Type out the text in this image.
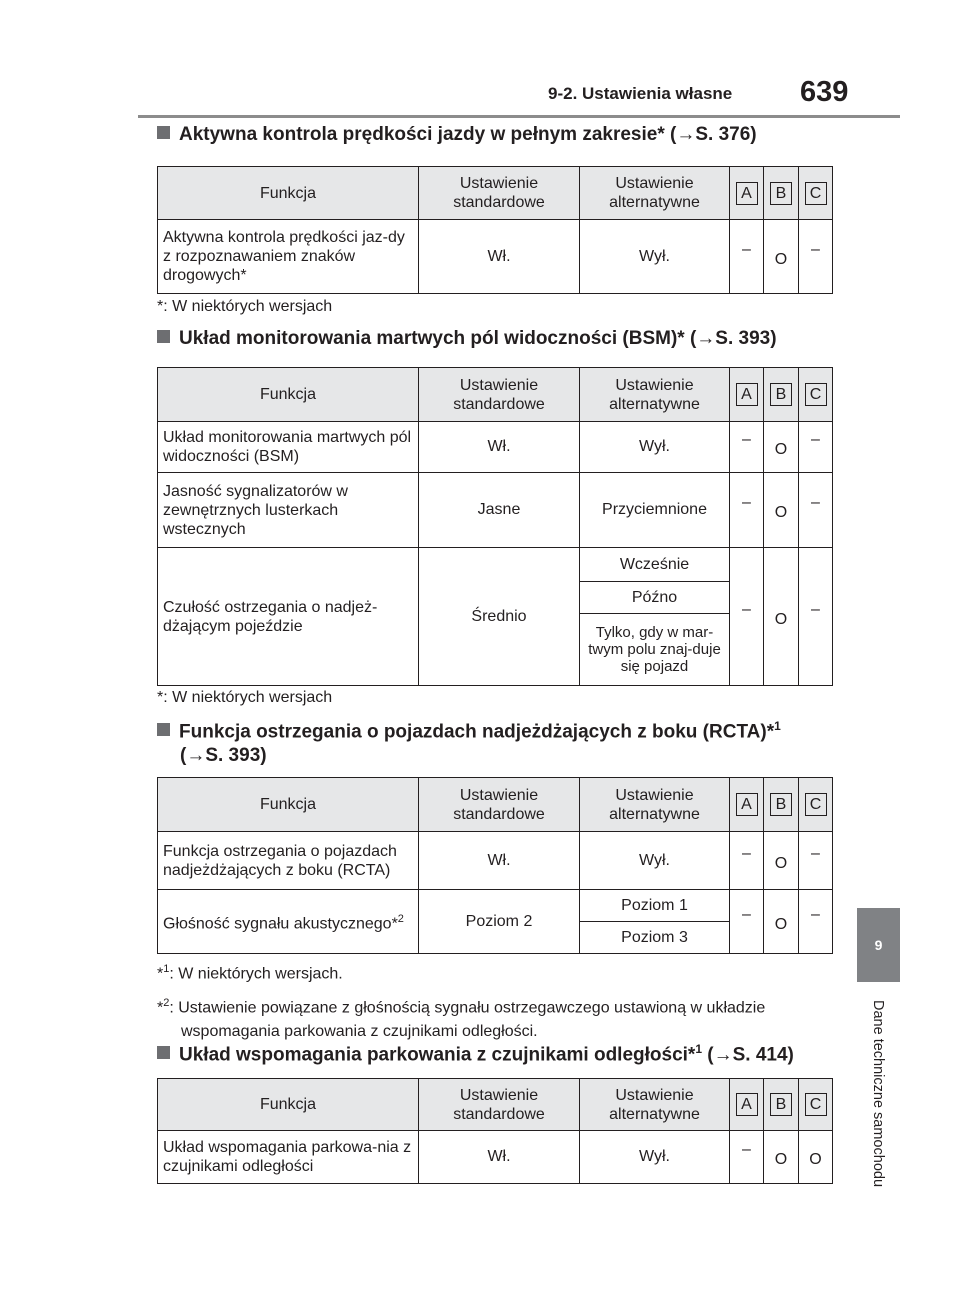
9-2. Ustawienia własne 639
9
Dane techniczne samochodu
Aktywna kontrola prędkości jazdy w pełnym zakresie* (→S. 376)
Funkcja	Ustawienie standardowe	Ustawienie alternatywne	A	B	C
Aktywna kontrola prędkości jaz-dy z rozpoznawaniem znaków drogowych*	Wł.	Wył.	–	O	–
*: W niektórych wersjach
Układ monitorowania martwych pól widoczności (BSM)* (→S. 393)
Funkcja	Ustawienie standardowe	Ustawienie alternatywne	A	B	C
Układ monitorowania martwych pól widoczności (BSM)	Wł.	Wył.	–	O	–
Jasność sygnalizatorów w zewnętrznych lusterkach wstecznych	Jasne	Przyciemnione	–	O	–
Czułość ostrzegania o nadjeż-dżającym pojeździe	Średnio	Wcześnie	–	O	–
		Późno			
		Tylko, gdy w mar-twym polu znaj-duje się pojazd			
*: W niektórych wersjach
Funkcja ostrzegania o pojazdach nadjeżdżających z boku (RCTA)*$^1$
(→S. 393)
Funkcja	Ustawienie standardowe	Ustawienie alternatywne	A	B	C
Funkcja ostrzegania o pojazdach nadjeżdżających z boku (RCTA)	Wł.	Wył.	–	O	–
Głośność sygnału akustycznego*$^2$	Poziom 2	Poziom 1	–	O	–
		Poziom 3			
*$^1$: W niektórych wersjach.
*$^2$: Ustawienie powiązane z głośnością sygnału ostrzegawczego ustawioną w układzie
wspomagania parkowania z czujnikami odległości.
Układ wspomagania parkowania z czujnikami odległości*$^1$ (→S. 414)
Funkcja	Ustawienie standardowe	Ustawienie alternatywne	A	B	C
Układ wspomagania parkowa-nia z czujnikami odległości	Wł.	Wył.	–	O	O
